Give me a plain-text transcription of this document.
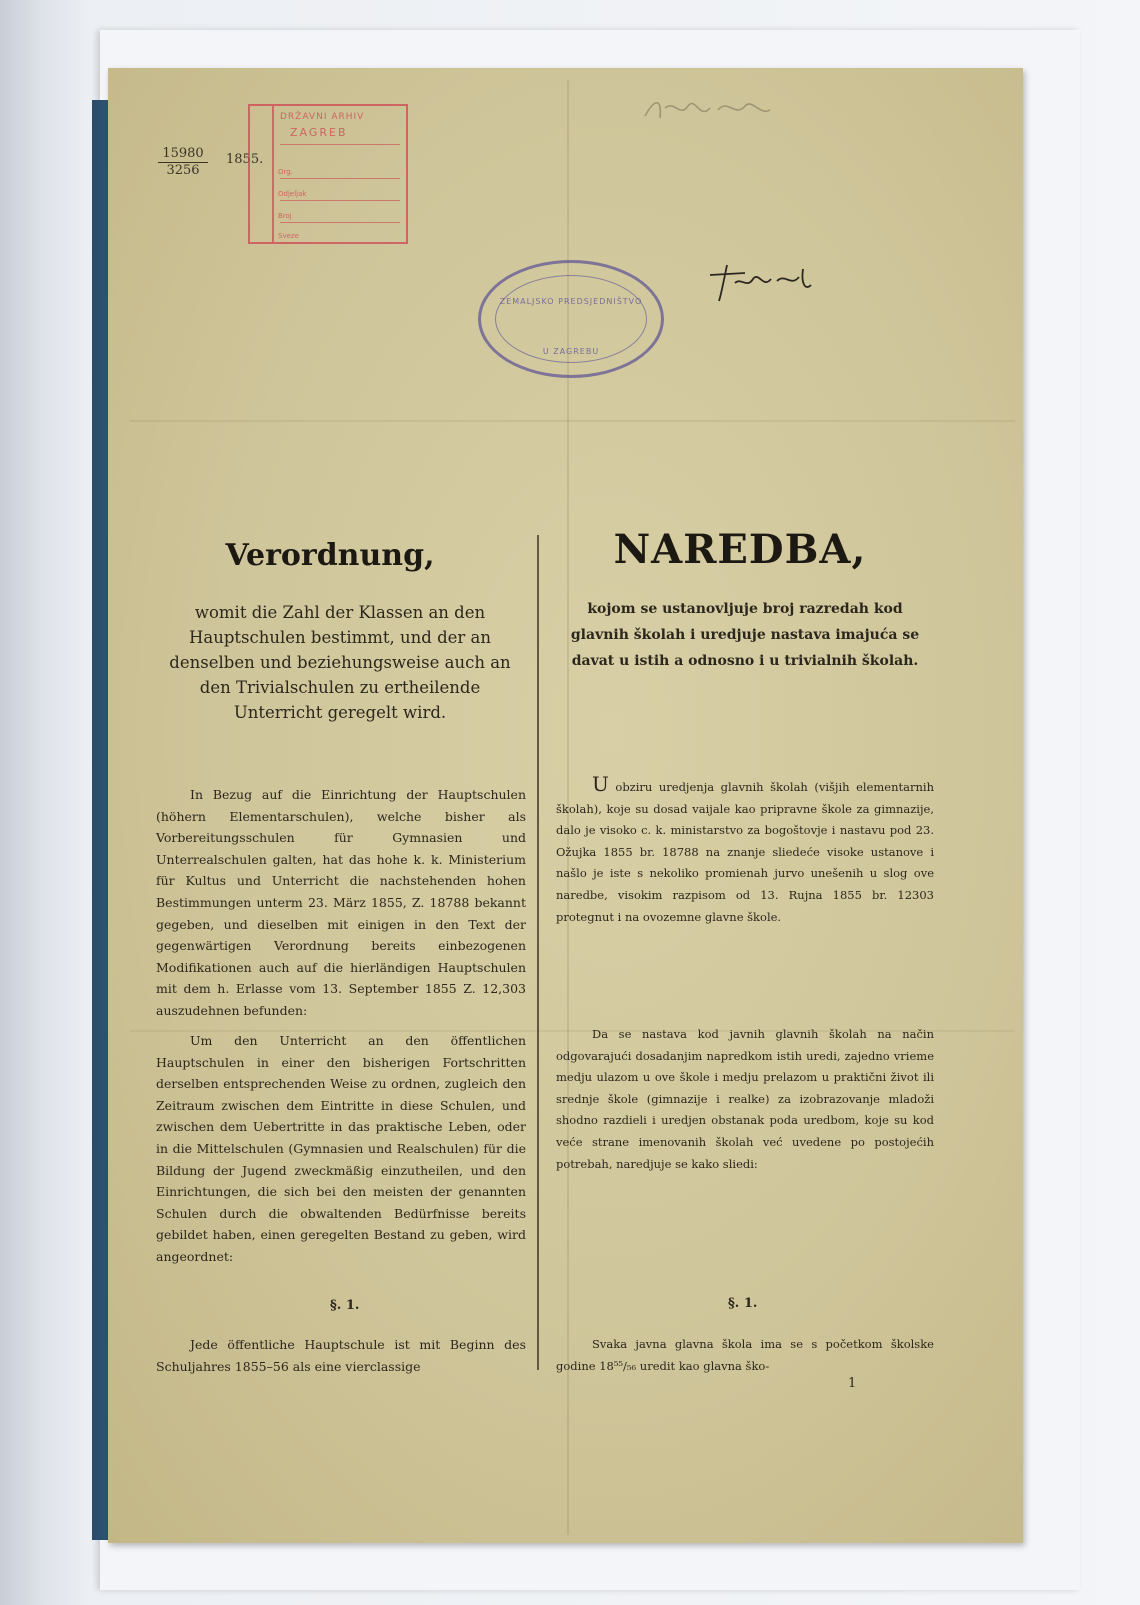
15980
3256
1855.
DRŽAVNI ARHIV
ZAGREB
Org.
Odjeljak
Broj
Sveze
ZEMALJSKO PREDSJEDNIŠTVO
U ZAGREBU
Verordnung,
womit die Zahl der Klassen an den Hauptschulen bestimmt, und der an denselben und beziehungsweise auch an den Trivialschulen zu ertheilende Unterricht geregelt wird.
In Bezug auf die Einrichtung der Hauptschulen (höhern Elementarschulen), welche bisher als Vorbereitungsschulen für Gymnasien und Unterrealschulen galten, hat das hohe k. k. Ministerium für Kultus und Unterricht die nachstehenden hohen Bestimmungen unterm 23. März 1855, Z. 18788 bekannt gegeben, und dieselben mit einigen in den Text der gegenwärtigen Verordnung bereits einbezogenen Modifikationen auch auf die hierländigen Hauptschulen mit dem h. Erlasse vom 13. September 1855 Z. 12,303 auszudehnen befunden:
Um den Unterricht an den öffentlichen Hauptschulen in einer den bisherigen Fortschritten derselben entsprechenden Weise zu ordnen, zugleich den Zeitraum zwischen dem Eintritte in diese Schulen, und zwischen dem Uebertritte in das praktische Leben, oder in die Mittelschulen (Gymnasien und Realschulen) für die Bildung der Jugend zweckmäßig einzutheilen, und den Einrichtungen, die sich bei den meisten der genannten Schulen durch die obwaltenden Bedürfnisse bereits gebildet haben, einen geregelten Bestand zu geben, wird angeordnet:
§. 1.
Jede öffentliche Hauptschule ist mit Beginn des Schuljahres 1855–56 als eine vierclassige
NAREDBA,
kojom se ustanovljuje broj razredah kod glavnih školah i uredjuje nastava imajuća se davat u istih a odnosno i u trivialnih školah.
U obziru uredjenja glavnih školah (višjih elementarnih školah), koje su dosad vaijale kao pripravne škole za gimnazije, dalo je visoko c. k. ministarstvo za bogoštovje i nastavu pod 23. Ožujka 1855 br. 18788 na znanje sliedeće visoke ustanove i našlo je iste s nekoliko promienah jurvo unešenih u slog ove naredbe, visokim razpisom od 13. Rujna 1855 br. 12303 protegnut i na ovozemne glavne škole.
Da se nastava kod javnih glavnih školah na način odgovarajući dosadanjim napredkom istih uredi, zajedno vrieme medju ulazom u ove škole i medju prelazom u praktični život ili srednje škole (gimnazije i realke) za izobrazovanje mladoži shodno razdieli i uredjen obstanak poda uredbom, koje su kod veće strane imenovanih školah već uvedene po postojećih potrebah, naredjuje se kako sliedi:
§. 1.
Svaka javna glavna škola ima se s početkom školske godine 18⁵⁵/₅₆ uredit kao glavna ško-
1
